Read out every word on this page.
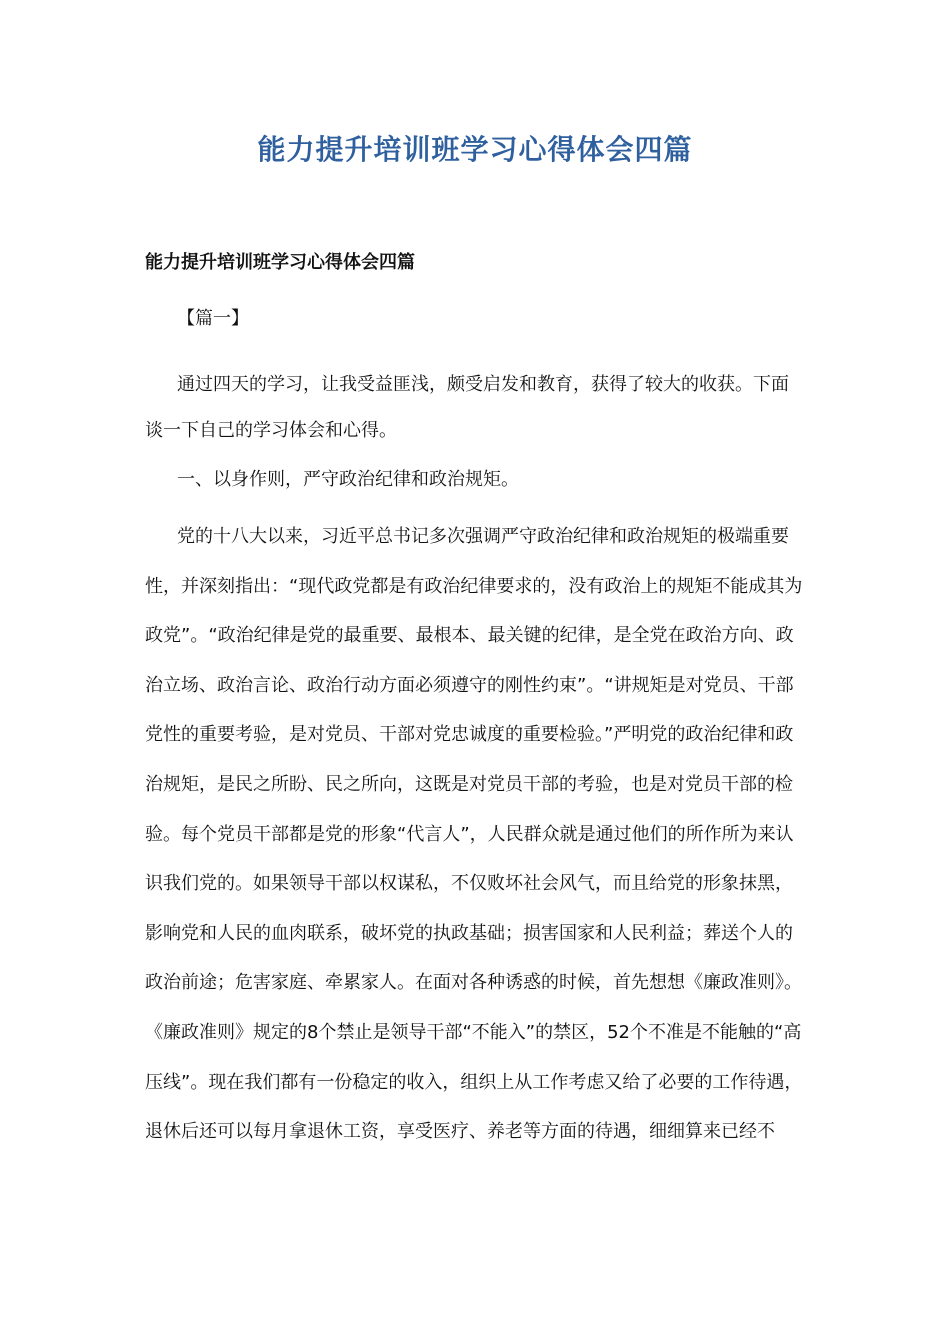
能力提升培训班学习心得体会四篇
能力提升培训班学习心得体会四篇
【篇一】
通过四天的学习，让我受益匪浅，颇受启发和教育，获得了较大的收获。下面谈一下自己的学习体会和心得。
一、以身作则，严守政治纪律和政治规矩。
党的十八大以来，习近平总书记多次强调严守政治纪律和政治规矩的极端重要性，并深刻指出：“现代政党都是有政治纪律要求的，没有政治上的规矩不能成其为政党”。“政治纪律是党的最重要、最根本、最关键的纪律，是全党在政治方向、政治立场、政治言论、政治行动方面必须遵守的刚性约束”。“讲规矩是对党员、干部党性的重要考验，是对党员、干部对党忠诚度的重要检验。”严明党的政治纪律和政治规矩，是民之所盼、民之所向，这既是对党员干部的考验，也是对党员干部的检验。每个党员干部都是党的形象“代言人”，人民群众就是通过他们的所作所为来认识我们党的。如果领导干部以权谋私，不仅败坏社会风气，而且给党的形象抹黑，影响党和人民的血肉联系，破坏党的执政基础；损害国家和人民利益；葬送个人的政治前途；危害家庭、牵累家人。在面对各种诱惑的时候，首先想想《廉政准则》。《廉政准则》规定的8个禁止是领导干部“不能入”的禁区，52个不准是不能触的“高压线”。现在我们都有一份稳定的收入，组织上从工作考虑又给了必要的工作待遇，退休后还可以每月拿退休工资，享受医疗、养老等方面的待遇，细细算来已经不
